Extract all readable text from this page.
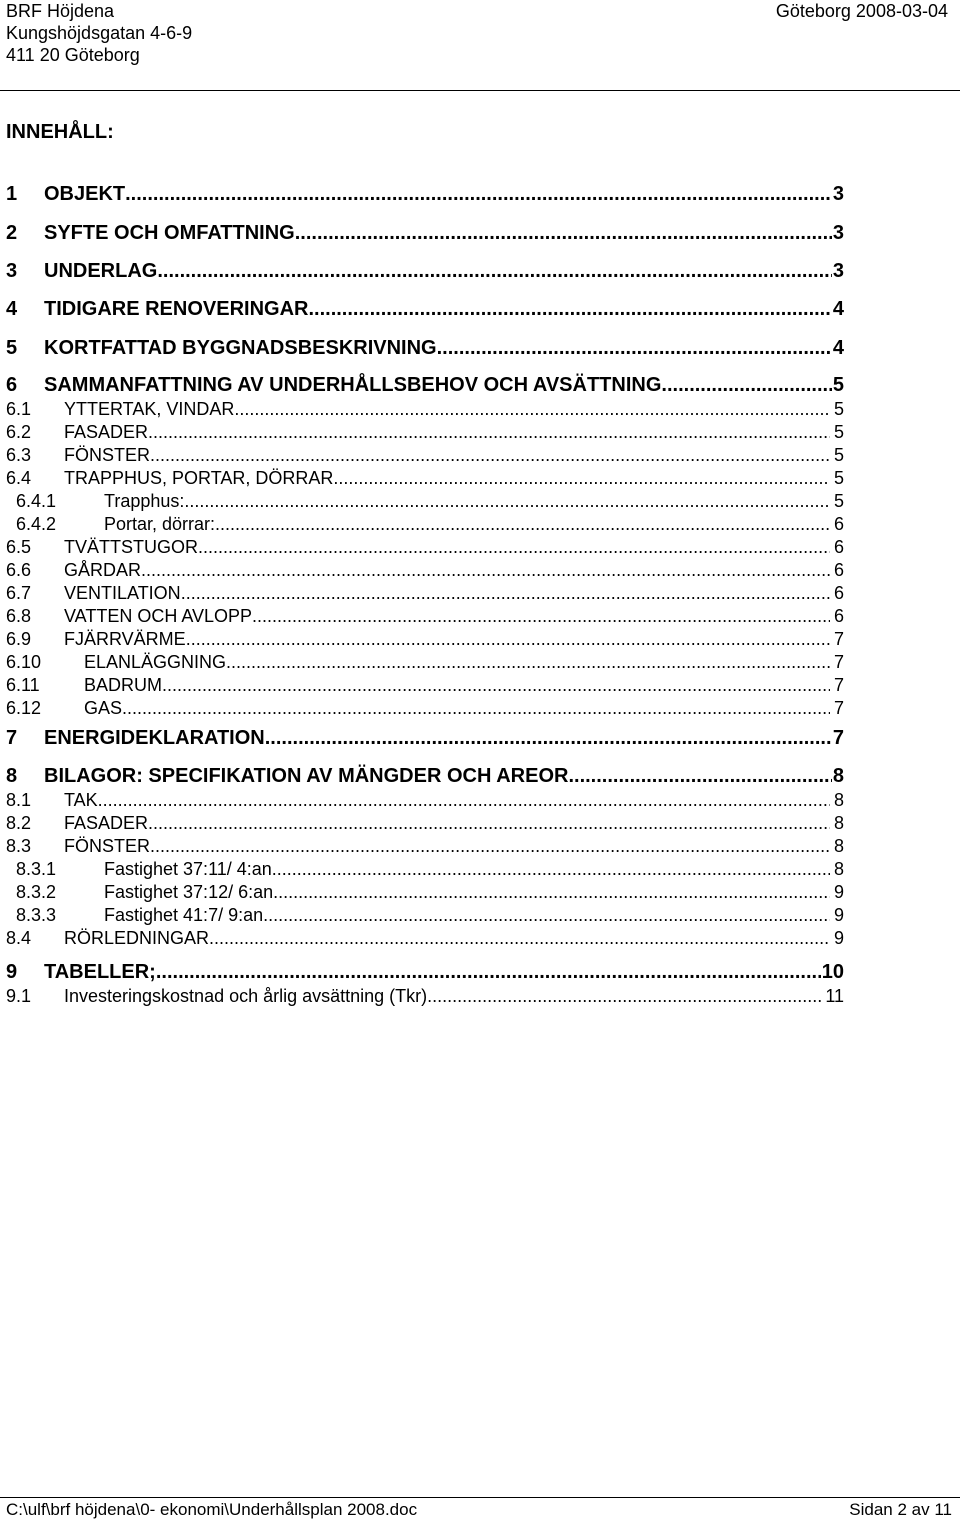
BRF Höjdena
Kungshöjdsgatan 4-6-9
411 20 Göteborg
Göteborg 2008-03-04
INNEHÅLL:
1	OBJEKT .....	3
2	SYFTE OCH OMFATTNING .....	3
3	UNDERLAG .....	3
4	TIDIGARE RENOVERINGAR .....	4
5	KORTFATTAD BYGGNADSBESKRIVNING .....	4
6	SAMMANFATTNING AV UNDERHÅLLSBEHOV OCH AVSÄTTNING .....	5
6.1	YTTERTAK, VINDAR .....	5
6.2	FASADER .....	5
6.3	FÖNSTER .....	5
6.4	TRAPPHUS, PORTAR, DÖRRAR .....	5
6.4.1	Trapphus: .....	5
6.4.2	Portar, dörrar: .....	6
6.5	TVÄTTSTUGOR .....	6
6.6	GÅRDAR .....	6
6.7	VENTILATION .....	6
6.8	VATTEN OCH AVLOPP .....	6
6.9	FJÄRRVÄRME .....	7
6.10	ELANLÄGGNING .....	7
6.11	BADRUM .....	7
6.12	GAS .....	7
7	ENERGIDEKLARATION .....	7
8	BILAGOR: SPECIFIKATION AV MÄNGDER OCH AREOR .....	8
8.1	TAK .....	8
8.2	FASADER .....	8
8.3	FÖNSTER .....	8
8.3.1	Fastighet 37:11/ 4:an .....	8
8.3.2	Fastighet 37:12/ 6:an .....	9
8.3.3	Fastighet 41:7/ 9:an .....	9
8.4	RÖRLEDNINGAR .....	9
9	TABELLER; .....	10
9.1	Investeringskostnad och årlig avsättning (Tkr) .....	11
C:\ulf\brf höjdena\0- ekonomi\Underhållsplan 2008.doc	Sidan 2 av 11
